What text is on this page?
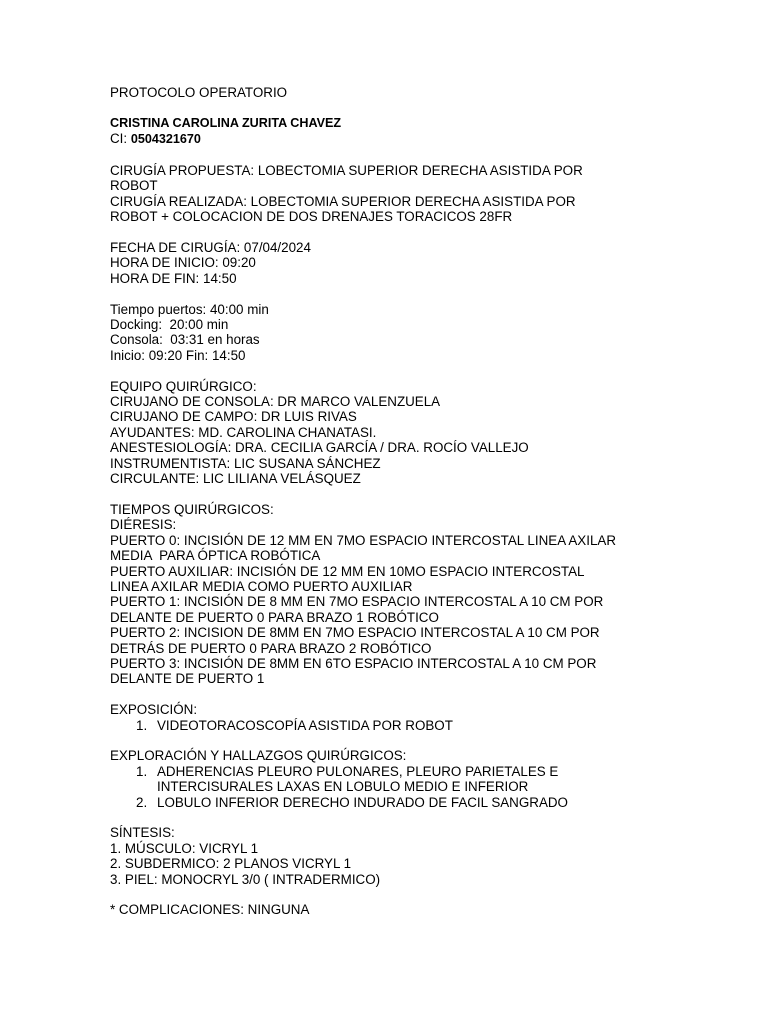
PROTOCOLO OPERATORIO
CRISTINA CAROLINA ZURITA CHAVEZ
CI: 0504321670
CIRUGÍA PROPUESTA: LOBECTOMIA SUPERIOR DERECHA ASISTIDA POR
ROBOT
CIRUGÍA REALIZADA: LOBECTOMIA SUPERIOR DERECHA ASISTIDA POR
ROBOT + COLOCACION DE DOS DRENAJES TORACICOS 28FR
FECHA DE CIRUGÍA: 07/04/2024
HORA DE INICIO: 09:20
HORA DE FIN: 14:50
Tiempo puertos: 40:00 min
Docking:  20:00 min
Consola:  03:31 en horas
Inicio: 09:20 Fin: 14:50
EQUIPO QUIRÚRGICO:
CIRUJANO DE CONSOLA: DR MARCO VALENZUELA
CIRUJANO DE CAMPO: DR LUIS RIVAS
AYUDANTES: MD. CAROLINA CHANATASI.
ANESTESIOLOGÍA: DRA. CECILIA GARCÍA / DRA. ROCÍO VALLEJO
INSTRUMENTISTA: LIC SUSANA SÁNCHEZ
CIRCULANTE: LIC LILIANA VELÁSQUEZ
TIEMPOS QUIRÚRGICOS:
DIÉRESIS:
PUERTO 0: INCISIÓN DE 12 MM EN 7MO ESPACIO INTERCOSTAL LINEA AXILAR
MEDIA  PARA ÓPTICA ROBÓTICA
PUERTO AUXILIAR: INCISIÓN DE 12 MM EN 10MO ESPACIO INTERCOSTAL
LINEA AXILAR MEDIA COMO PUERTO AUXILIAR
PUERTO 1: INCISIÓN DE 8 MM EN 7MO ESPACIO INTERCOSTAL A 10 CM POR
DELANTE DE PUERTO 0 PARA BRAZO 1 ROBÓTICO
PUERTO 2: INCISION DE 8MM EN 7MO ESPACIO INTERCOSTAL A 10 CM POR
DETRÁS DE PUERTO 0 PARA BRAZO 2 ROBÓTICO
PUERTO 3: INCISIÓN DE 8MM EN 6TO ESPACIO INTERCOSTAL A 10 CM POR
DELANTE DE PUERTO 1
EXPOSICIÓN:
1. VIDEOTORACOSCOPÍA ASISTIDA POR ROBOT
EXPLORACIÓN Y HALLAZGOS QUIRÚRGICOS:
1. ADHERENCIAS PLEURO PULONARES, PLEURO PARIETALES E
INTERCISURALES LAXAS EN LOBULO MEDIO E INFERIOR
2. LOBULO INFERIOR DERECHO INDURADO DE FACIL SANGRADO
SÍNTESIS:
1. MÚSCULO: VICRYL 1
2. SUBDERMICO: 2 PLANOS VICRYL 1
3. PIEL: MONOCRYL 3/0 ( INTRADERMICO)
* COMPLICACIONES: NINGUNA
